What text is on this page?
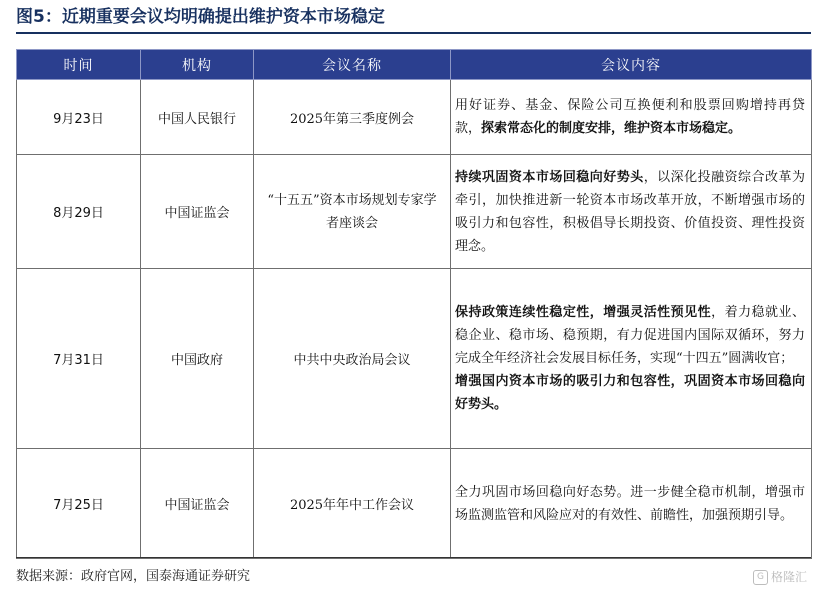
图5：近期重要会议均明确提出维护资本市场稳定
时间	机构	会议名称	会议内容
9月23日	中国人民银行	2025年第三季度例会	用好证券、基金、保险公司互换便利和股票回购增持再贷款，探索常态化的制度安排，维护资本市场稳定。
8月29日	中国证监会	“十五五”资本市场规划专家学者座谈会	持续巩固资本市场回稳向好势头，以深化投融资综合改革为牵引，加快推进新一轮资本市场改革开放，不断增强市场的吸引力和包容性，积极倡导长期投资、价值投资、理性投资理念。
7月31日	中国政府	中共中央政治局会议	保持政策连续性稳定性，增强灵活性预见性，着力稳就业、稳企业、稳市场、稳预期，有力促进国内国际双循环，努力完成全年经济社会发展目标任务，实现“十四五”圆满收官；
增强国内资本市场的吸引力和包容性，巩固资本市场回稳向好势头。

7月25日	中国证监会	2025年年中工作会议	全力巩固市场回稳向好态势。进一步健全稳市机制，增强市场监测监管和风险应对的有效性、前瞻性，加强预期引导。
数据来源：政府官网，国泰海通证券研究	G 格隆汇
